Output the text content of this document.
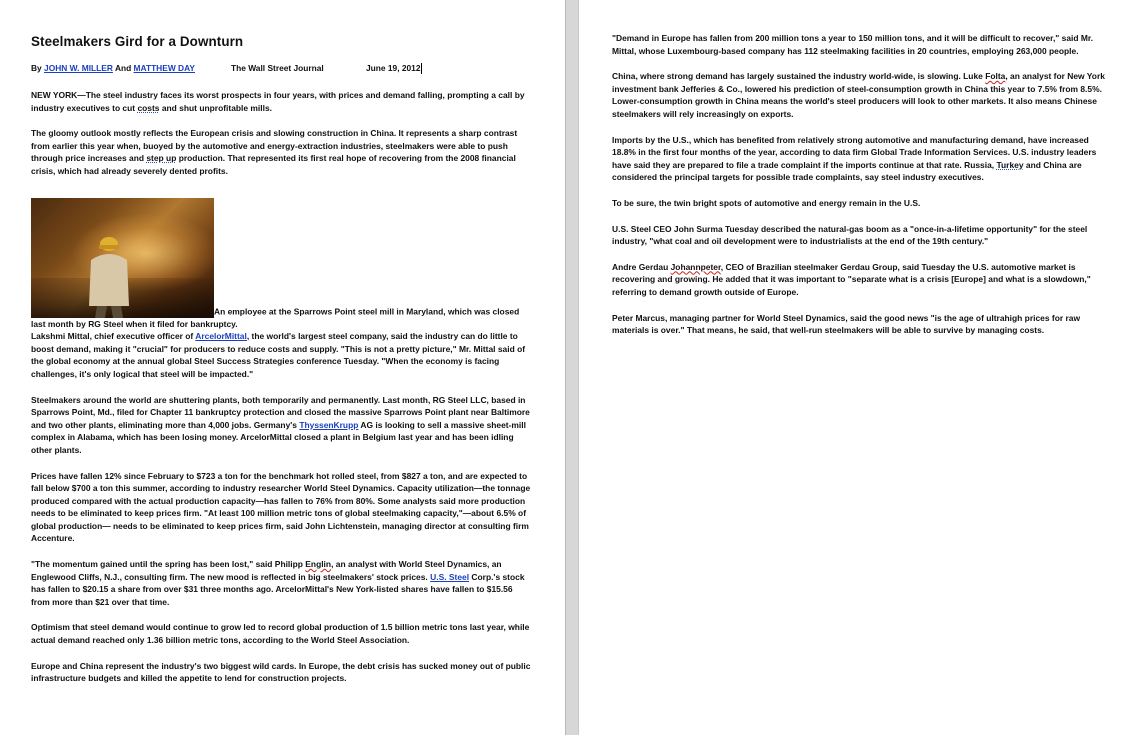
Steelmakers Gird for a Downturn
By JOHN W. MILLER And MATTHEW DAY	The Wall Street Journal	June 19, 2012

NEW YORK—The steel industry faces its worst prospects in four years, with prices and demand falling, prompting a call by industry executives to cut costs and shut unprofitable mills.

The gloomy outlook mostly reflects the European crisis and slowing construction in China. It represents a sharp contrast from earlier this year when, buoyed by the automotive and energy-extraction industries, steelmakers were able to push through price increases and step up production. That represented its first real hope of recovering from the 2008 financial crisis, which had already severely dented profits.

An employee at the Sparrows Point steel mill in Maryland, which was closed last month by RG Steel when it filed for bankruptcy.

Lakshmi Mittal, chief executive officer of ArcelorMittal, the world's largest steel company, said the industry can do little to boost demand, making it "crucial" for producers to reduce costs and supply. "This is not a pretty picture," Mr. Mittal said of the global economy at the annual global Steel Success Strategies conference Tuesday. "When the economy is facing challenges, it's only logical that steel will be impacted."

Steelmakers around the world are shuttering plants, both temporarily and permanently. Last month, RG Steel LLC, based in Sparrows Point, Md., filed for Chapter 11 bankruptcy protection and closed the massive Sparrows Point plant near Baltimore and two other plants, eliminating more than 4,000 jobs. Germany's ThyssenKrupp AG is looking to sell a massive sheet-mill complex in Alabama, which has been losing money. ArcelorMittal closed a plant in Belgium last year and has been idling other plants.

Prices have fallen 12% since February to $723 a ton for the benchmark hot rolled steel, from $827 a ton, and are expected to fall below $700 a ton this summer, according to industry researcher World Steel Dynamics. Capacity utilization—the tonnage produced compared with the actual production capacity—has fallen to 76% from 80%. Some analysts said more production needs to be eliminated to keep prices firm. "At least 100 million metric tons of global steelmaking capacity,"—about 6.5% of global production— needs to be eliminated to keep prices firm, said John Lichtenstein, managing director at consulting firm Accenture.

"The momentum gained until the spring has been lost," said Philipp Englin, an analyst with World Steel Dynamics, an Englewood Cliffs, N.J., consulting firm. The new mood is reflected in big steelmakers' stock prices. U.S. Steel Corp.'s stock has fallen to $20.15 a share from over $31 three months ago. ArcelorMittal's New York-listed shares have fallen to $15.56 from more than $21 over that time.

Optimism that steel demand would continue to grow led to record global production of 1.5 billion metric tons last year, while actual demand reached only 1.36 billion metric tons, according to the World Steel Association.

Europe and China represent the industry's two biggest wild cards. In Europe, the debt crisis has sucked money out of public infrastructure budgets and killed the appetite to lend for construction projects.

"Demand in Europe has fallen from 200 million tons a year to 150 million tons, and it will be difficult to recover," said Mr. Mittal, whose Luxembourg-based company has 112 steelmaking facilities in 20 countries, employing 263,000 people.

China, where strong demand has largely sustained the industry world-wide, is slowing. Luke Folta, an analyst for New York investment bank Jefferies & Co., lowered his prediction of steel-consumption growth in China this year to 7.5% from 8.5%. Lower-consumption growth in China means the world's steel producers will look to other markets. It also means Chinese steelmakers will rely increasingly on exports.

Imports by the U.S., which has benefited from relatively strong automotive and manufacturing demand, have increased 18.8% in the first four months of the year, according to data firm Global Trade Information Services. U.S. industry leaders have said they are prepared to file a trade complaint if the imports continue at that rate. Russia, Turkey and China are considered the principal targets for possible trade complaints, say steel industry executives.

To be sure, the twin bright spots of automotive and energy remain in the U.S.

U.S. Steel CEO John Surma Tuesday described the natural-gas boom as a "once-in-a-lifetime opportunity" for the steel industry, "what coal and oil development were to industrialists at the end of the 19th century."

Andre Gerdau Johannpeter, CEO of Brazilian steelmaker Gerdau Group, said Tuesday the U.S. automotive market is recovering and growing. He added that it was important to "separate what is a crisis [Europe] and what is a slowdown," referring to demand growth outside of Europe.

Peter Marcus, managing partner for World Steel Dynamics, said the good news "is the age of ultrahigh prices for raw materials is over." That means, he said, that well-run steelmakers will be able to survive by managing costs.
